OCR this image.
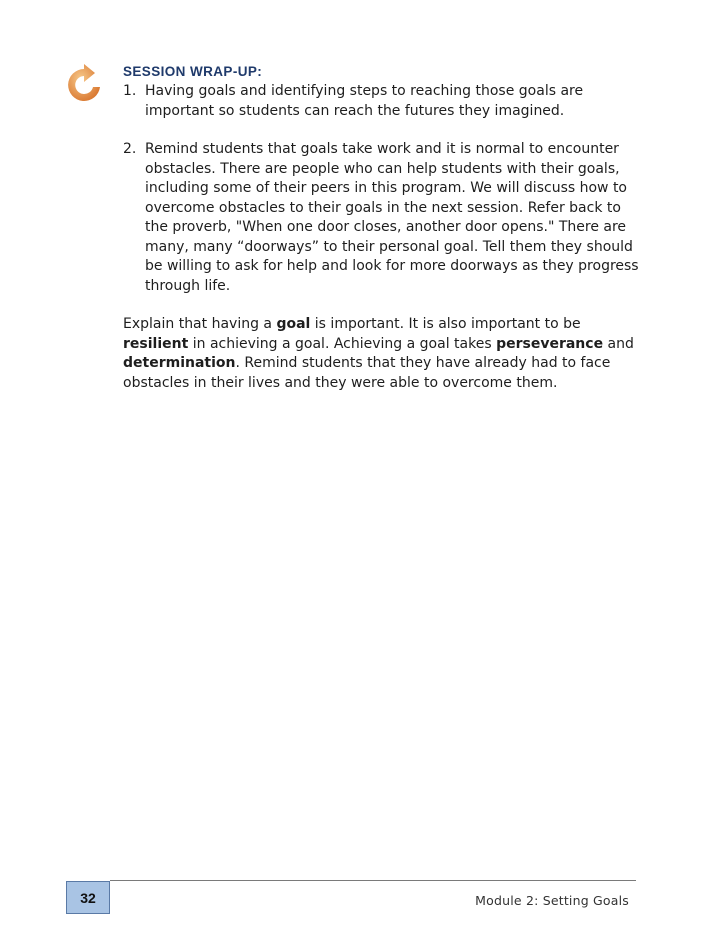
SESSION WRAP-UP:
1. Having goals and identifying steps to reaching those goals are important so students can reach the futures they imagined.
2. Remind students that goals take work and it is normal to encounter obstacles. There are people who can help students with their goals, including some of their peers in this program. We will discuss how to overcome obstacles to their goals in the next session. Refer back to the proverb, "When one door closes, another door opens." There are many, many “doorways” to their personal goal. Tell them they should be willing to ask for help and look for more doorways as they progress through life.

Explain that having a goal is important. It is also important to be resilient in achieving a goal. Achieving a goal takes perseverance and determination. Remind students that they have already had to face obstacles in their lives and they were able to overcome them.

32	Module 2: Setting Goals
